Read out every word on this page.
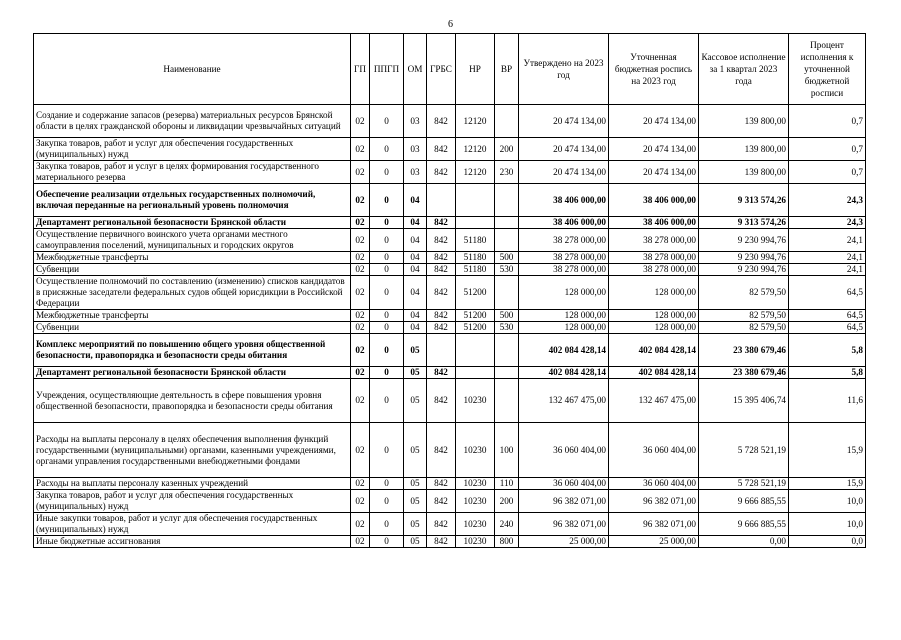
6
Наименование	ГП	ППГП	ОМ	ГРБС	НР	ВР	Утверждено на 2023 год	Уточненная бюджетная роспись на 2023 год	Кассовое исполнение за 1 квартал 2023 года	Процент исполнения к уточненной бюджетной росписи
Создание и содержание запасов (резерва) материальных ресурсов Брянской области в целях гражданской обороны и ликвидации чрезвычайных ситуаций	02	0	03	842	12120		20 474 134,00	20 474 134,00	139 800,00	0,7
Закупка товаров, работ и услуг для обеспечения государственных (муниципальных) нужд	02	0	03	842	12120	200	20 474 134,00	20 474 134,00	139 800,00	0,7
Закупка товаров, работ и услуг в целях формирования государственного материального резерва	02	0	03	842	12120	230	20 474 134,00	20 474 134,00	139 800,00	0,7
Обеспечение реализации отдельных государственных полномочий, включая переданные на региональный уровень полномочия	02	0	04				38 406 000,00	38 406 000,00	9 313 574,26	24,3
Департамент региональной безопасности Брянской области	02	0	04	842			38 406 000,00	38 406 000,00	9 313 574,26	24,3
Осуществление первичного воинского учета органами местного самоуправления поселений, муниципальных и городских округов	02	0	04	842	51180		38 278 000,00	38 278 000,00	9 230 994,76	24,1
Межбюджетные трансферты	02	0	04	842	51180	500	38 278 000,00	38 278 000,00	9 230 994,76	24,1
Субвенции	02	0	04	842	51180	530	38 278 000,00	38 278 000,00	9 230 994,76	24,1
Осуществление полномочий по составлению (изменению) списков кандидатов в присяжные заседатели федеральных судов общей юрисдикции в Российской Федерации	02	0	04	842	51200		128 000,00	128 000,00	82 579,50	64,5
Межбюджетные трансферты	02	0	04	842	51200	500	128 000,00	128 000,00	82 579,50	64,5
Субвенции	02	0	04	842	51200	530	128 000,00	128 000,00	82 579,50	64,5
Комплекс мероприятий по повышению общего уровня общественной безопасности, правопорядка и безопасности среды обитания	02	0	05				402 084 428,14	402 084 428,14	23 380 679,46	5,8
Департамент региональной безопасности Брянской области	02	0	05	842			402 084 428,14	402 084 428,14	23 380 679,46	5,8
Учреждения, осуществляющие деятельность в сфере повышения уровня общественной безопасности, правопорядка и безопасности среды обитания	02	0	05	842	10230		132 467 475,00	132 467 475,00	15 395 406,74	11,6
Расходы на выплаты персоналу в целях обеспечения выполнения функций государственными (муниципальными) органами, казенными учреждениями, органами управления государственными внебюджетными фондами	02	0	05	842	10230	100	36 060 404,00	36 060 404,00	5 728 521,19	15,9
Расходы на выплаты персоналу казенных учреждений	02	0	05	842	10230	110	36 060 404,00	36 060 404,00	5 728 521,19	15,9
Закупка товаров, работ и услуг для обеспечения государственных (муниципальных) нужд	02	0	05	842	10230	200	96 382 071,00	96 382 071,00	9 666 885,55	10,0
Иные закупки товаров, работ и услуг для обеспечения государственных (муниципальных) нужд	02	0	05	842	10230	240	96 382 071,00	96 382 071,00	9 666 885,55	10,0
Иные бюджетные ассигнования	02	0	05	842	10230	800	25 000,00	25 000,00	0,00	0,0
